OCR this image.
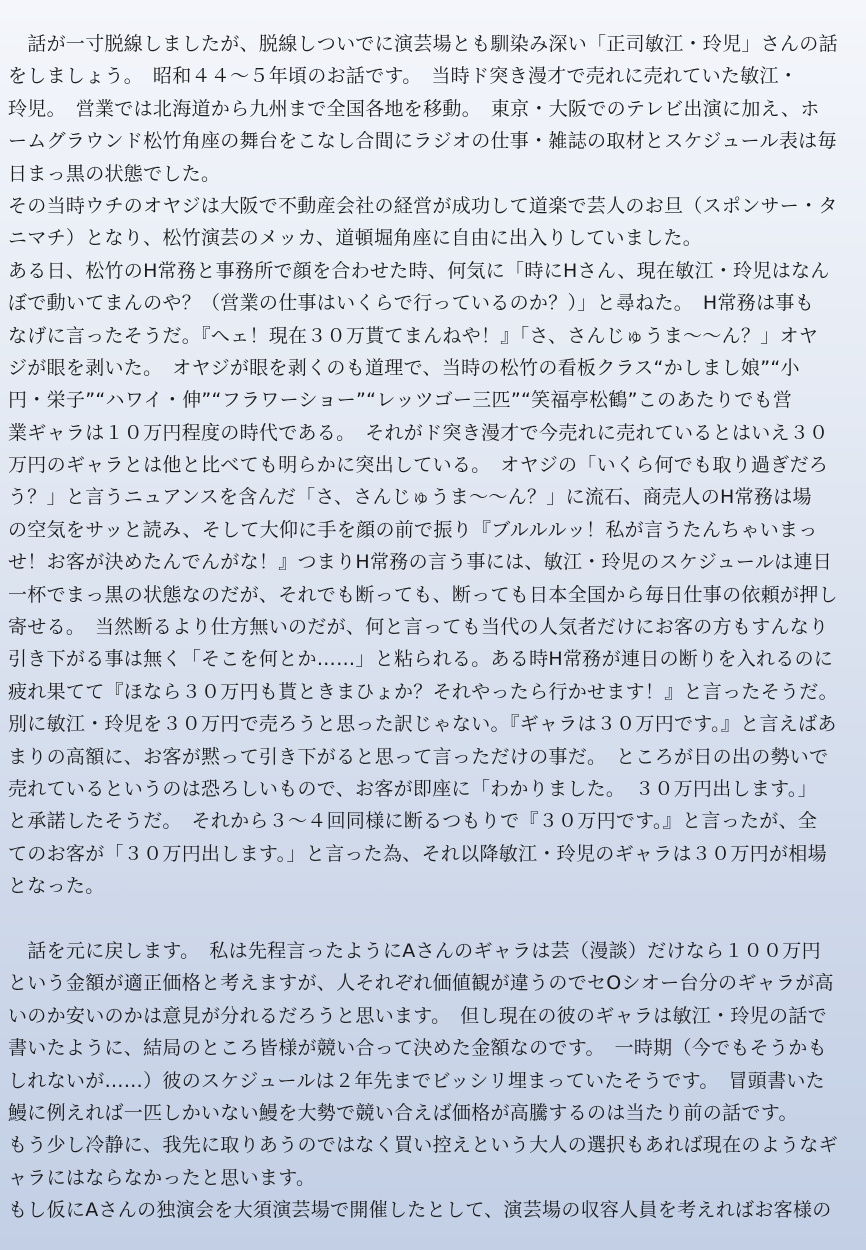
　話が一寸脱線しましたが、脱線しついでに演芸場とも馴染み深い「正司敏江・玲児」さんの話
をしましょう。　昭和４４～５年頃のお話です。　当時ド突き漫才で売れに売れていた敏江・
玲児。　営業では北海道から九州まで全国各地を移動。　東京・大阪でのテレビ出演に加え、ホ
ームグラウンド松竹角座の舞台をこなし合間にラジオの仕事・雑誌の取材とスケジュール表は毎
日まっ黒の状態でした。
その当時ウチのオヤジは大阪で不動産会社の経営が成功して道楽で芸人のお旦（スポンサー・タ
ニマチ）となり、松竹演芸のメッカ、道頓堀角座に自由に出入りしていました。
ある日、松竹のH常務と事務所で顔を合わせた時、何気に「時にHさん、現在敏江・玲児はなん
ぼで動いてまんのや？（営業の仕事はいくらで行っているのか？）」と尋ねた。　H常務は事も
なげに言ったそうだ。『へェ！現在３０万貰てまんねや！』「さ、さんじゅうま～～ん？」オヤ
ジが眼を剥いた。　オヤジが眼を剥くのも道理で、当時の松竹の看板クラス“かしまし娘”“小
円・栄子”“ハワイ・伸”“フラワーショー”“レッツゴー三匹”“笑福亭松鶴”このあたりでも営
業ギャラは１０万円程度の時代である。　それがド突き漫才で今売れに売れているとはいえ３０
万円のギャラとは他と比べても明らかに突出している。　オヤジの「いくら何でも取り過ぎだろ
う？」と言うニュアンスを含んだ「さ、さんじゅうま～～ん？」に流石、商売人のH常務は場
の空気をサッと読み、そして大仰に手を顔の前で振り『ブルルルッ！私が言うたんちゃいまっ
せ！お客が決めたんでんがな！』つまりH常務の言う事には、敏江・玲児のスケジュールは連日
一杯でまっ黒の状態なのだが、それでも断っても、断っても日本全国から毎日仕事の依頼が押し
寄せる。　当然断るより仕方無いのだが、何と言っても当代の人気者だけにお客の方もすんなり
引き下がる事は無く「そこを何とか……」と粘られる。ある時H常務が連日の断りを入れるのに
疲れ果てて『ほなら３０万円も貰ときまひょか？それやったら行かせます！』と言ったそうだ。
別に敏江・玲児を３０万円で売ろうと思った訳じゃない。『ギャラは３０万円です。』と言えばあ
まりの高額に、お客が黙って引き下がると思って言っただけの事だ。　ところが日の出の勢いで
売れているというのは恐ろしいもので、お客が即座に「わかりました。　３０万円出します。」
と承諾したそうだ。　それから３～４回同様に断るつもりで『３０万円です。』と言ったが、全
てのお客が「３０万円出します。」と言った為、それ以降敏江・玲児のギャラは３０万円が相場
となった。
　話を元に戻します。　私は先程言ったようにAさんのギャラは芸（漫談）だけなら１００万円
という金額が適正価格と考えますが、人それぞれ価値観が違うのでセOシオー台分のギャラが高
いのか安いのかは意見が分れるだろうと思います。　但し現在の彼のギャラは敏江・玲児の話で
書いたように、結局のところ皆様が競い合って決めた金額なのです。　一時期（今でもそうかも
しれないが……）彼のスケジュールは２年先までビッシリ埋まっていたそうです。　冒頭書いた
鰻に例えれば一匹しかいない鰻を大勢で競い合えば価格が高騰するのは当たり前の話です。
もう少し冷静に、我先に取りあうのではなく買い控えという大人の選択もあれば現在のようなギ
ャラにはならなかったと思います。
もし仮にAさんの独演会を大須演芸場で開催したとして、演芸場の収容人員を考えればお客様の
